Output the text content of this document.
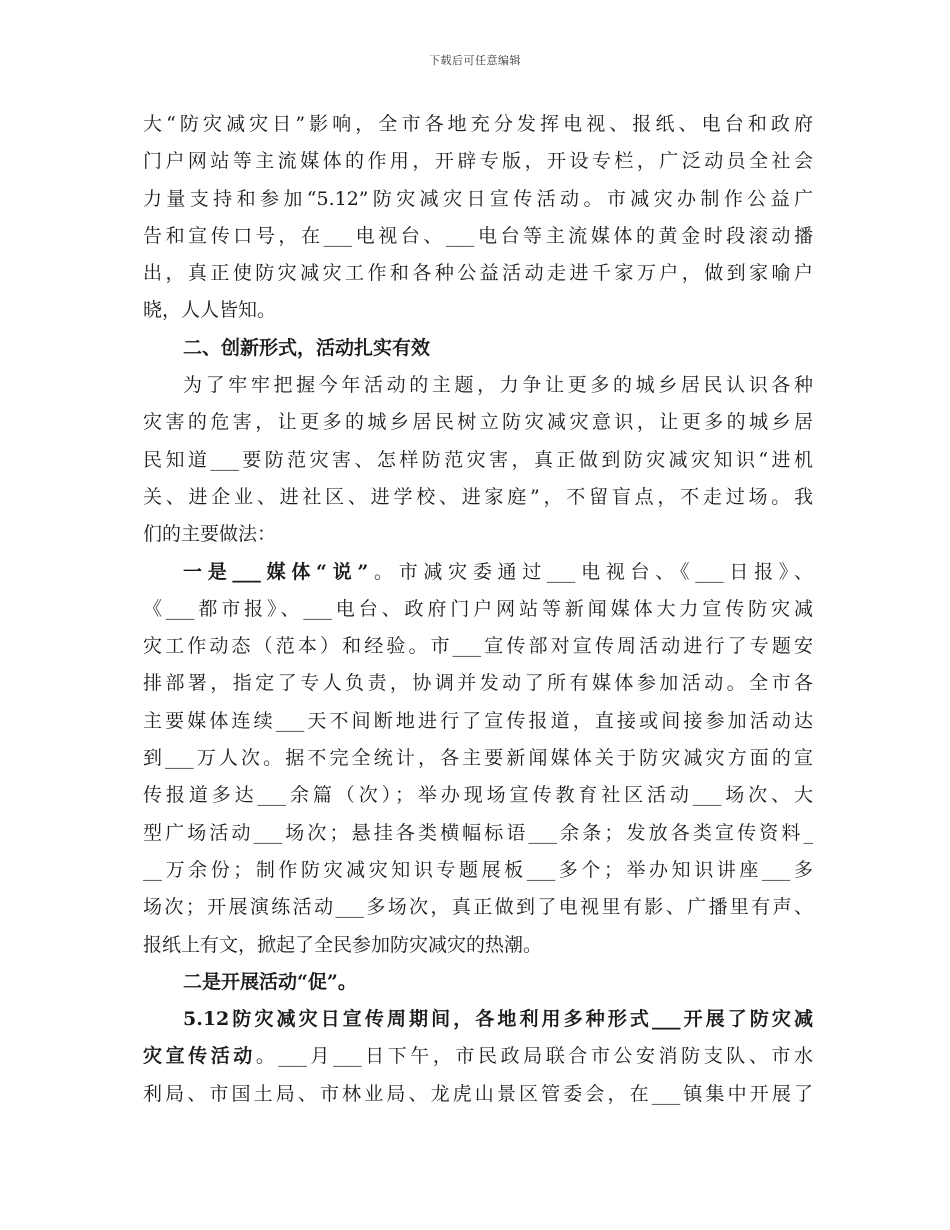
下载后可任意编辑
大“防灾减灾日”影响，全市各地充分发挥电视、报纸、电台和政府
门户网站等主流媒体的作用，开辟专版，开设专栏，广泛动员全社会
力量支持和参加“5.12”防灾减灾日宣传活动。市减灾办制作公益广
告和宣传口号，在___电视台、___电台等主流媒体的黄金时段滚动播
出，真正使防灾减灾工作和各种公益活动走进千家万户，做到家喻户
晓，人人皆知。
二、创新形式，活动扎实有效
为了牢牢把握今年活动的主题，力争让更多的城乡居民认识各种
灾害的危害，让更多的城乡居民树立防灾减灾意识，让更多的城乡居
民知道___要防范灾害、怎样防范灾害，真正做到防灾减灾知识“进机
关、进企业、进社区、进学校、进家庭”，不留盲点，不走过场。我
们的主要做法：
一是___媒体“说”。市减灾委通过___电视台、《___日报》、
《___都市报》、___电台、政府门户网站等新闻媒体大力宣传防灾减
灾工作动态（范本）和经验。市___宣传部对宣传周活动进行了专题安
排部署，指定了专人负责，协调并发动了所有媒体参加活动。全市各
主要媒体连续___天不间断地进行了宣传报道，直接或间接参加活动达
到___万人次。据不完全统计，各主要新闻媒体关于防灾减灾方面的宣
传报道多达___余篇（次）；举办现场宣传教育社区活动___场次、大
型广场活动___场次；悬挂各类横幅标语___余条；发放各类宣传资料_
__万余份；制作防灾减灾知识专题展板___多个；举办知识讲座___多
场次；开展演练活动___多场次，真正做到了电视里有影、广播里有声、
报纸上有文，掀起了全民参加防灾减灾的热潮。
二是开展活动“促”。
5.12防灾减灾日宣传周期间，各地利用多种形式___开展了防灾减
灾宣传活动。___月___日下午，市民政局联合市公安消防支队、市水
利局、市国土局、市林业局、龙虎山景区管委会，在___镇集中开展了
